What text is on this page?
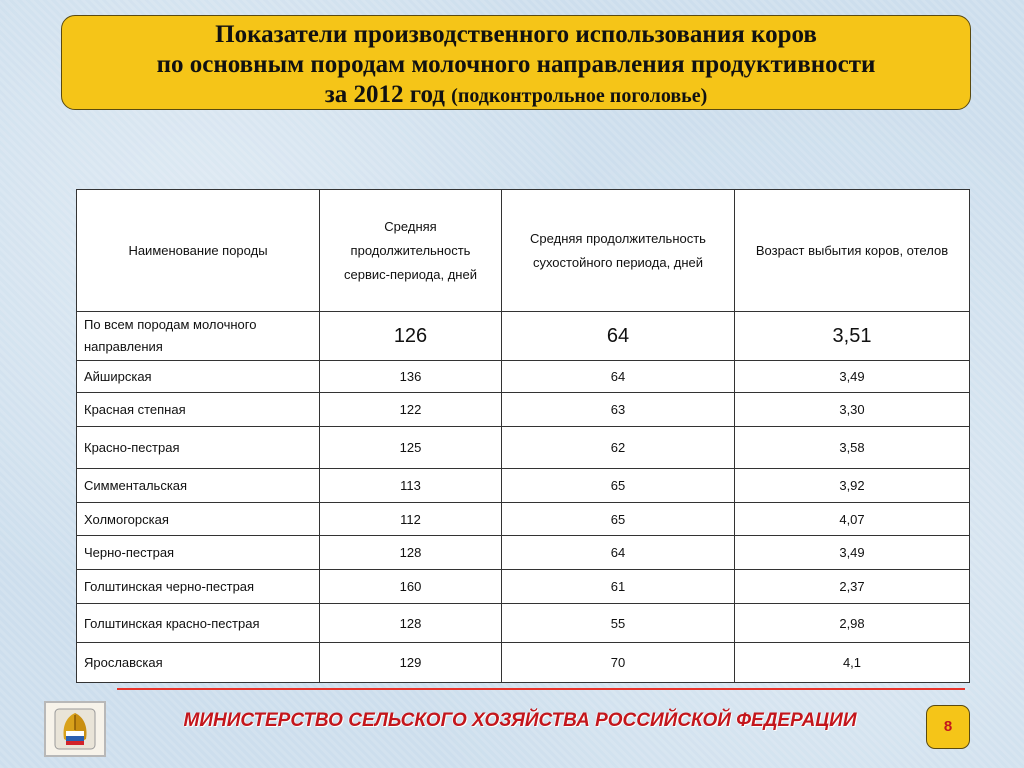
Показатели производственного использования коров
по основным породам молочного направления продуктивности
за 2012 год (подконтрольное поголовье)
Наименование породы	Средняя продолжительность сервис-периода, дней	Средняя продолжительность сухостойного периода, дней	Возраст выбытия коров, отелов
По всем породам молочного направления	126	64	3,51
Айширская	136	64	3,49
Красная степная	122	63	3,30
Красно-пестрая	125	62	3,58
Симментальская	113	65	3,92
Холмогорская	112	65	4,07
Черно-пестрая	128	64	3,49
Голштинская черно-пестрая	160	61	2,37
Голштинская красно-пестрая	128	55	2,98
Ярославская	129	70	4,1
МИНИСТЕРСТВО СЕЛЬСКОГО ХОЗЯЙСТВА РОССИЙСКОЙ ФЕДЕРАЦИИ	8
